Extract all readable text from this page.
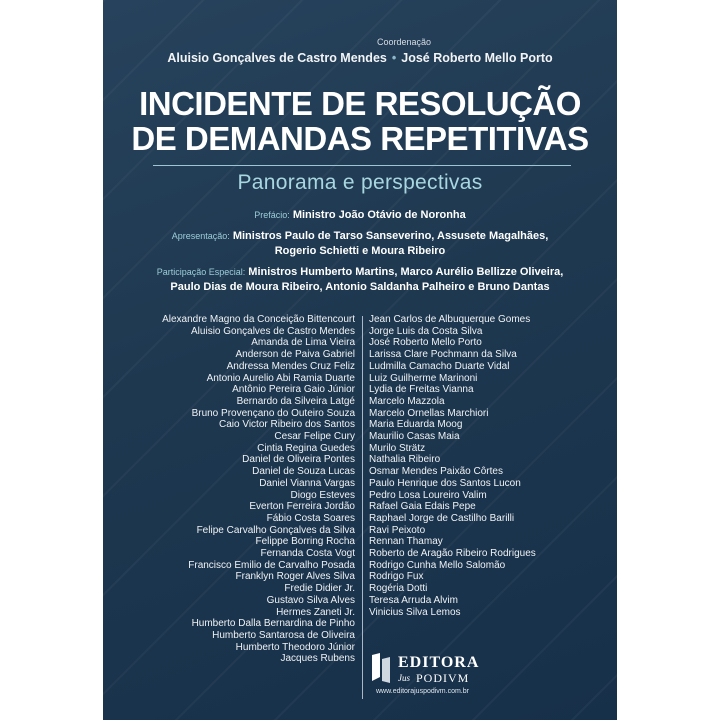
Coordenação
Aluisio Gonçalves de Castro Mendes • José Roberto Mello Porto
INCIDENTE DE RESOLUÇÃO
DE DEMANDAS REPETITIVAS
Panorama e perspectivas
Prefácio: Ministro João Otávio de Noronha
Apresentação: Ministros Paulo de Tarso Sanseverino, Assusete Magalhães,
Rogerio Schietti e Moura Ribeiro
Participação Especial: Ministros Humberto Martins, Marco Aurélio Bellizze Oliveira,
Paulo Dias de Moura Ribeiro, Antonio Saldanha Palheiro e Bruno Dantas
Alexandre Magno da Conceição Bittencourt
Aluisio Gonçalves de Castro Mendes
Amanda de Lima Vieira
Anderson de Paiva Gabriel
Andressa Mendes Cruz Feliz
Antonio Aurelio Abi Ramia Duarte
Antônio Pereira Gaio Júnior
Bernardo da Silveira Latgé
Bruno Provençano do Outeiro Souza
Caio Victor Ribeiro dos Santos
Cesar Felipe Cury
Cintia Regina Guedes
Daniel de Oliveira Pontes
Daniel de Souza Lucas
Daniel Vianna Vargas
Diogo Esteves
Everton Ferreira Jordão
Fábio Costa Soares
Felipe Carvalho Gonçalves da Silva
Felippe Borring Rocha
Fernanda Costa Vogt
Francisco Emilio de Carvalho Posada
Franklyn Roger Alves Silva
Fredie Didier Jr.
Gustavo Silva Alves
Hermes Zaneti Jr.
Humberto Dalla Bernardina de Pinho
Humberto Santarosa de Oliveira
Humberto Theodoro Júnior
Jacques Rubens
Jean Carlos de Albuquerque Gomes
Jorge Luis da Costa Silva
José Roberto Mello Porto
Larissa Clare Pochmann da Silva
Ludmilla Camacho Duarte Vidal
Luiz Guilherme Marinoni
Lydia de Freitas Vianna
Marcelo Mazzola
Marcelo Ornellas Marchiori
Maria Eduarda Moog
Maurilio Casas Maia
Murilo Strätz
Nathalia Ribeiro
Osmar Mendes Paixão Côrtes
Paulo Henrique dos Santos Lucon
Pedro Losa Loureiro Valim
Rafael Gaia Edais Pepe
Raphael Jorge de Castilho Barilli
Ravi Peixoto
Rennan Thamay
Roberto de Aragão Ribeiro Rodrigues
Rodrigo Cunha Mello Salomão
Rodrigo Fux
Rogéria Dotti
Teresa Arruda Alvim
Vinicius Silva Lemos
EDITORA
Jus PODIVM
www.editorajuspodivm.com.br
